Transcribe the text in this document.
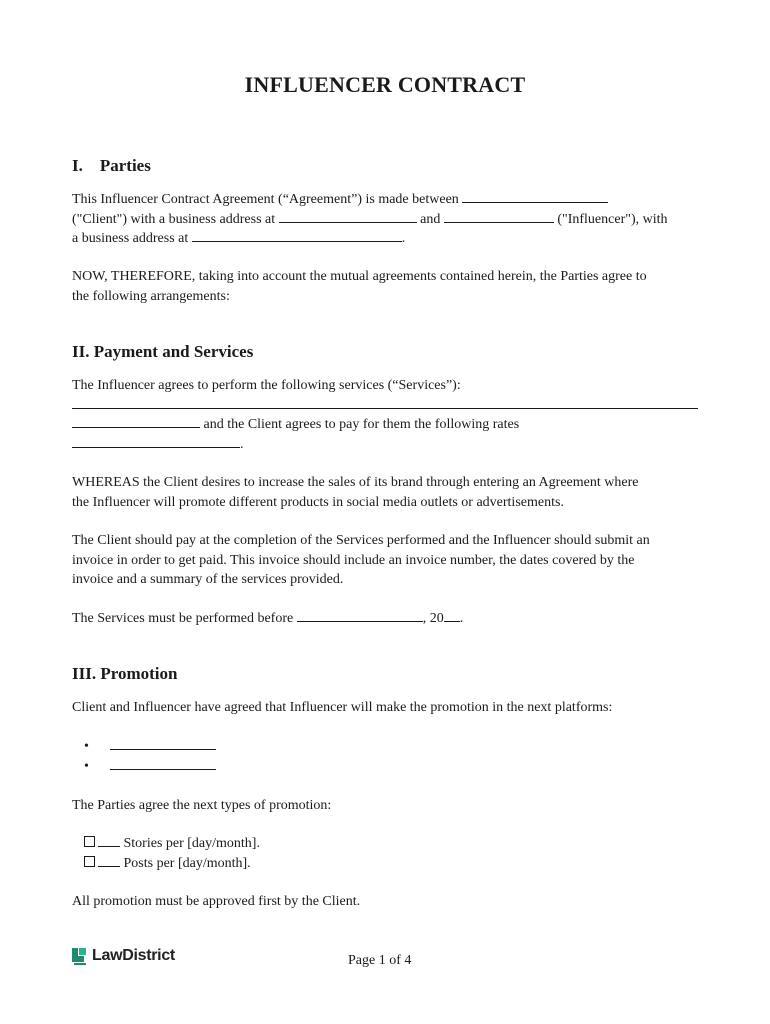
INFLUENCER CONTRACT
I.    Parties
This Influencer Contract Agreement (“Agreement”) is made between
("Client") with a business address at	and	("Influencer"), with
a business address at	.
NOW, THEREFORE, taking into account the mutual agreements contained herein, the Parties agree to
the following arrangements:
II. Payment and Services
The Influencer agrees to perform the following services (“Services”):
and the Client agrees to pay for them the following rates
.
WHEREAS the Client desires to increase the sales of its brand through entering an Agreement where
the Influencer will promote different products in social media outlets or advertisements.
The Client should pay at the completion of the Services performed and the Influencer should submit an
invoice in order to get paid. This invoice should include an invoice number, the dates covered by the
invoice and a summary of the services provided.
The Services must be performed before	, 20 .
III. Promotion
Client and Influencer have agreed that Influencer will make the promotion in the next platforms:
•
•
The Parties agree the next types of promotion:
Stories per [day/month].
Posts per [day/month].
All promotion must be approved first by the Client.
LawDistrict	Page 1 of 4
